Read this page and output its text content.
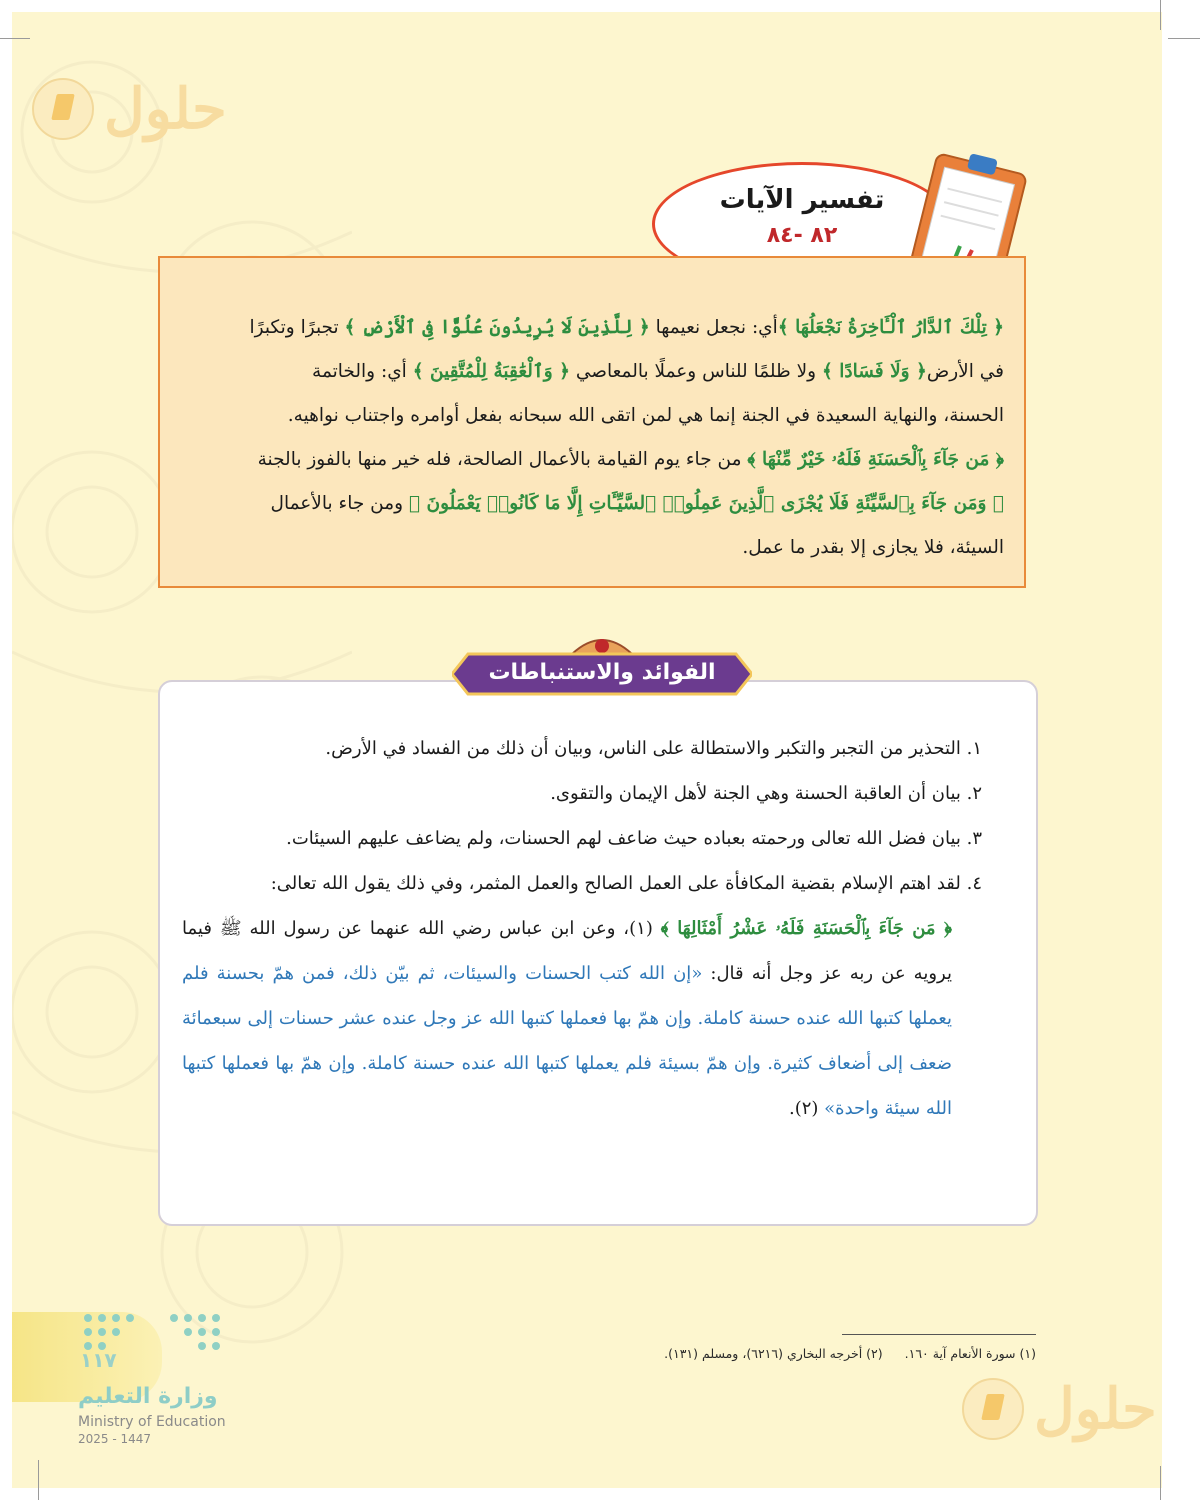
حلول
تفسير الآيات
٨٢ -٨٤

﴿ تِلْكَ ٱلدَّارُ ٱلْـَٔاخِرَةُ نَجْعَلُهَا ﴾أي: نجعل نعيمها ﴿ لِلَّذِينَ لَا يُرِيدُونَ عُلُوًّا فِى ٱلْأَرْضِ ﴾ تجبرًا وتكبرًا

في الأرض﴿ وَلَا فَسَادًا ﴾ ولا ظلمًا للناس وعملًا بالمعاصي ﴿ وَٱلْعَٰقِبَةُ لِلْمُتَّقِينَ ﴾ أي: والخاتمة

الحسنة، والنهاية السعيدة في الجنة إنما هي لمن اتقى الله سبحانه بفعل أوامره واجتناب نواهيه.

﴿ مَن جَآءَ بِٱلْحَسَنَةِ فَلَهُۥ خَيْرٌ مِّنْهَا ﴾ من جاء يوم القيامة بالأعمال الصالحة، فله خير منها بالفوز بالجنة

﴿ وَمَن جَآءَ بِٱلسَّيِّئَةِ فَلَا يُجْزَى ٱلَّذِينَ عَمِلُوا۟ ٱلسَّيِّـَٔاتِ إِلَّا مَا كَانُوا۟ يَعْمَلُونَ ﴾ ومن جاء بالأعمال

السيئة، فلا يجازى إلا بقدر ما عمل.

١. التحذير من التجبر والتكبر والاستطالة على الناس، وبيان أن ذلك من الفساد في الأرض.

٢. بيان أن العاقبة الحسنة وهي الجنة لأهل الإيمان والتقوى.

٣. بيان فضل الله تعالى ورحمته بعباده حيث ضاعف لهم الحسنات، ولم يضاعف عليهم السيئات.

٤. لقد اهتم الإسلام بقضية المكافأة على العمل الصالح والعمل المثمر، وفي ذلك يقول الله تعالى:

﴿ مَن جَآءَ بِٱلْحَسَنَةِ فَلَهُۥ عَشْرُ أَمْثَالِهَا ﴾ (١)، وعن ابن عباس رضي الله عنهما عن رسول الله ﷺ فيما يرويه عن ربه عز وجل أنه قال: «إن الله كتب الحسنات والسيئات، ثم بيّن ذلك، فمن همّ بحسنة فلم يعملها كتبها الله عنده حسنة كاملة. وإن همّ بها فعملها كتبها الله عز وجل عنده عشر حسنات إلى سبعمائة ضعف إلى أضعاف كثيرة. وإن همّ بسيئة فلم يعملها كتبها الله عنده حسنة كاملة. وإن همّ بها فعملها كتبها الله سيئة واحدة» (٢).

الفوائد والاستنباطات
(١) سورة الأنعام آية ١٦٠. (٢) أخرجه البخاري (٦٢١٦)، ومسلم (١٣١).
١١٧
وزارة التعليم
Ministry of Education
2025 - 1447	حلول
